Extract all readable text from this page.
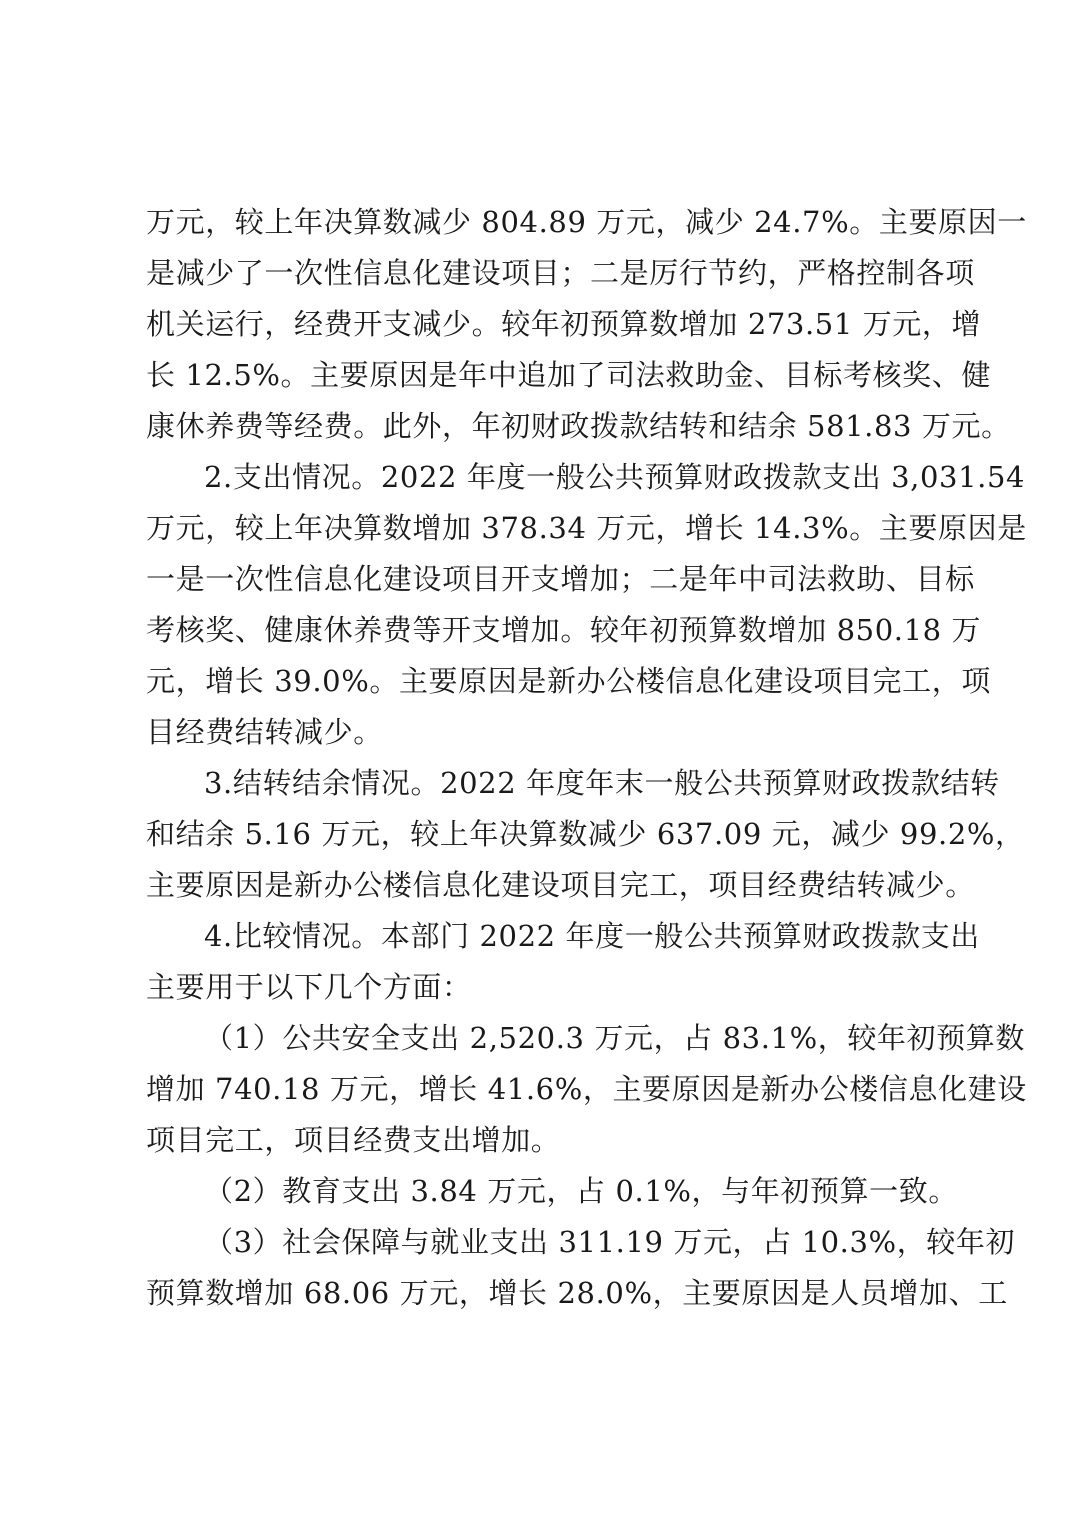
万元，较上年决算数减少 804.89 万元，减少 24.7%。主要原因一
是减少了一次性信息化建设项目；二是厉行节约，严格控制各项
机关运行，经费开支减少。较年初预算数增加 273.51 万元，增
长 12.5%。主要原因是年中追加了司法救助金、目标考核奖、健
康休养费等经费。此外，年初财政拨款结转和结余 581.83 万元。

2.支出情况。2022 年度一般公共预算财政拨款支出 3,031.54
万元，较上年决算数增加 378.34 万元，增长 14.3%。主要原因是
一是一次性信息化建设项目开支增加；二是年中司法救助、目标
考核奖、健康休养费等开支增加。较年初预算数增加 850.18 万
元，增长 39.0%。主要原因是新办公楼信息化建设项目完工，项
目经费结转减少。

3.结转结余情况。2022 年度年末一般公共预算财政拨款结转
和结余 5.16 万元，较上年决算数减少 637.09 元，减少 99.2%，
主要原因是新办公楼信息化建设项目完工，项目经费结转减少。

4.比较情况。本部门 2022 年度一般公共预算财政拨款支出
主要用于以下几个方面：

（1）公共安全支出 2,520.3 万元，占 83.1%，较年初预算数
增加 740.18 万元，增长 41.6%，主要原因是新办公楼信息化建设
项目完工，项目经费支出增加。

（2）教育支出 3.84 万元，占 0.1%，与年初预算一致。

（3）社会保障与就业支出 311.19 万元，占 10.3%，较年初
预算数增加 68.06 万元，增长 28.0%，主要原因是人员增加、工
